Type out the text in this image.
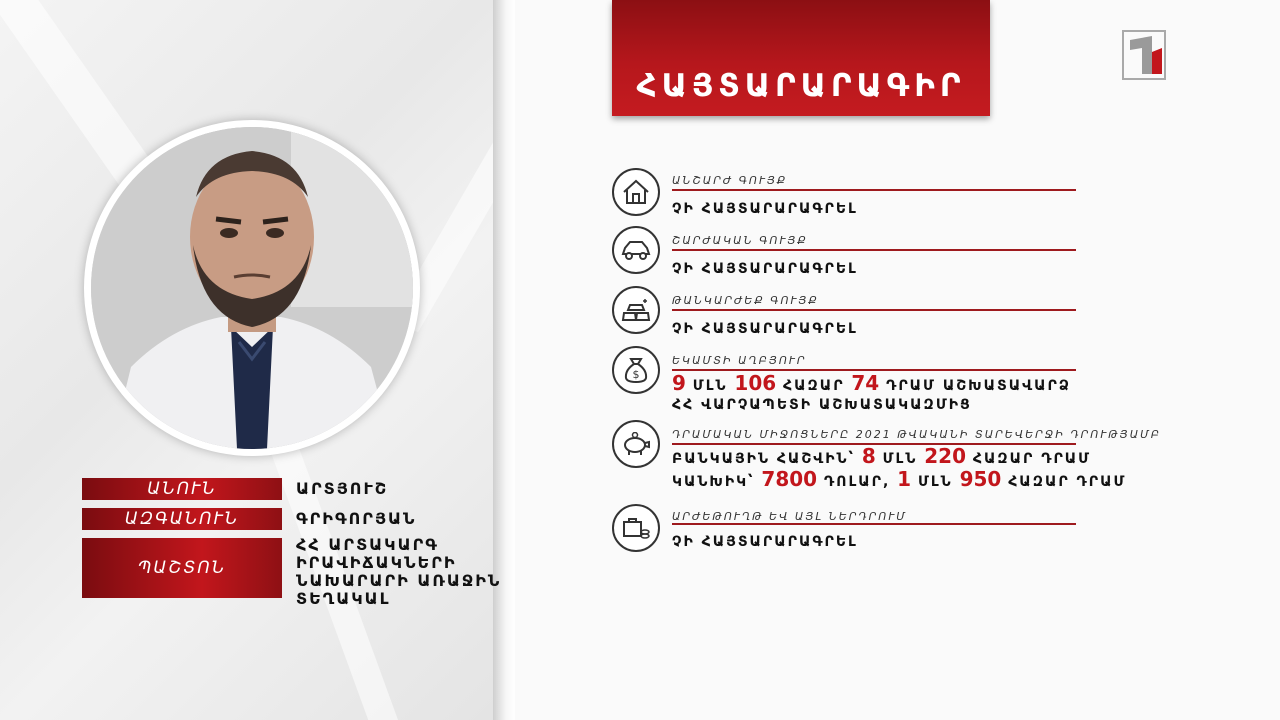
ԱՆՈՒՆ	ԱՐՏՅՈՒՇ
ԱԶԳԱՆՈՒՆ	ԳՐԻԳՈՐՅԱՆ
ՊԱՇՏՈՆ
ՀՀ ԱՐՏԱԿԱՐԳ
ԻՐԱՎԻՃԱԿՆԵՐԻ
ՆԱԽԱՐԱՐԻ ԱՌԱՋԻՆ
ՏԵՂԱԿԱԼ
ՀԱՅՏԱՐԱՐԱԳԻՐ
ԱՆՇԱՐԺ ԳՈՒՅՔ
ՉԻ ՀԱՅՏԱՐԱՐԱԳՐԵԼ
ՇԱՐԺԱԿԱՆ ԳՈՒՅՔ
ՉԻ ՀԱՅՏԱՐԱՐԱԳՐԵԼ
ԹԱՆԿԱՐԺԵՔ ԳՈՒՅՔ
ՉԻ ՀԱՅՏԱՐԱՐԱԳՐԵԼ
$
ԵԿԱՄՏԻ ԱՂԲՅՈՒՐ
9 ՄԼՆ 106 ՀԱԶԱՐ 74 ԴՐԱՄ ԱՇԽԱՏԱՎԱՐՁ
ՀՀ ՎԱՐՉԱՊԵՏԻ ԱՇԽԱՏԱԿԱԶՄԻՑ
ԴՐԱՄԱԿԱՆ ՄԻՋՈՑՆԵՐԸ 2021 ԹՎԱԿԱՆԻ ՏԱՐԵՎԵՐՋԻ ԴՐՈՒԹՅԱՄԲ
ԲԱՆԿԱՅԻՆ ՀԱՇՎԻՆ՝ 8 ՄԼՆ 220 ՀԱԶԱՐ ԴՐԱՄ
ԿԱՆԽԻԿ՝ 7800 ԴՈԼԱՐ, 1 ՄԼՆ 950 ՀԱԶԱՐ ԴՐԱՄ
ԱՐԺԵԹՈՒՂԹ ԵՎ ԱՅԼ ՆԵՐԴՐՈՒՄ
ՉԻ ՀԱՅՏԱՐԱՐԱԳՐԵԼ
